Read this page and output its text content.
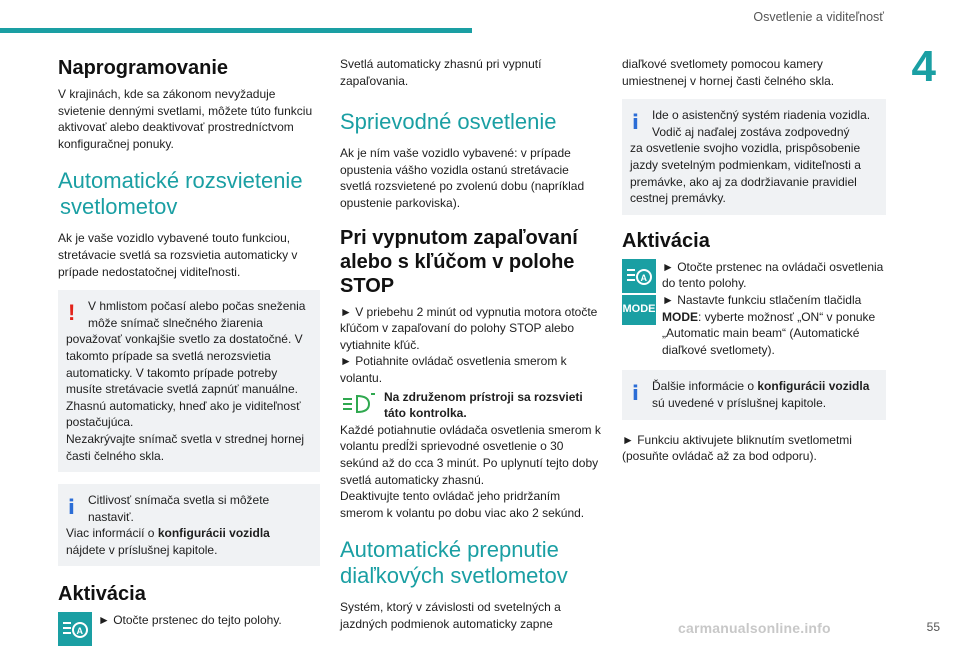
Osvetlenie a viditeľnosť
4
Naprogramovanie

V krajinách, kde sa zákonom nevyžaduje svietenie dennými svetlami, môžete túto funkciu aktivovať alebo deaktivovať prostredníctvom konfiguračnej ponuky.

Automatické rozsvietenie
svetlometov

Ak je vaše vozidlo vybavené touto funkciou, stretávacie svetlá sa rozsvietia automaticky v prípade nedostatočnej viditeľnosti.

!	V hmlistom počasí alebo počas sneženia
môže snímač slnečného žiarenia
považovať vonkajšie svetlo za dostatočné. V takomto prípade sa svetlá nerozsvietia automaticky. V takomto prípade potreby musíte stretávacie svetlá zapnúť manuálne.
Zhasnú automaticky, hneď ako je viditeľnosť postačujúca.
Nezakrývajte snímač svetla v strednej hornej časti čelného skla.
i	Citlivosť snímača svetla si môžete
nastaviť.
Viac informácií o konfigurácii vozidla
nájdete v príslušnej kapitole.
Aktivácia
A
► Otočte prstenec do tejto polohy.

Svetlá automaticky zhasnú pri vypnutí zapaľovania.

Sprievodné osvetlenie

Ak je ním vaše vozidlo vybavené: v prípade opustenia vášho vozidla ostanú stretávacie svetlá rozsvietené po zvolenú dobu (napríklad opustenie parkoviska).

Pri vypnutom zapaľovaní alebo s kľúčom v polohe STOP

► V priebehu 2 minút od vypnutia motora otočte kľúčom v zapaľovaní do polohy STOP alebo vytiahnite kľúč.

► Potiahnite ovládač osvetlenia smerom k volantu.

Na združenom prístroji sa rozsvieti
táto kontrolka.

Každé potiahnutie ovládača osvetlenia smerom k volantu predĺži sprievodné osvetlenie o 30 sekúnd až do cca 3 minút. Po uplynutí tejto doby svetlá automaticky zhasnú.

Deaktivujte tento ovládač jeho pridržaním smerom k volantu po dobu viac ako 2 sekúnd.

Automatické prepnutie
diaľkových svetlometov

Systém, ktorý v závislosti od svetelných a jazdných podmienok automaticky zapne

diaľkové svetlomety pomocou kamery umiestnenej v hornej časti čelného skla.

i	Ide o asistenčný systém riadenia vozidla.
Vodič aj naďalej zostáva zodpovedný
za osvetlenie svojho vozidla, prispôsobenie jazdy svetelným podmienkam, viditeľnosti a premávke, ako aj za dodržiavanie pravidiel cestnej premávky.
Aktivácia
A
MODE
► Otočte prstenec na ovládači osvetlenia do tento polohy.
► Nastavte funkciu stlačením tlačidla MODE: vyberte možnosť „ON“ v ponuke „Automatic main beam“ (Automatické diaľkové svetlomety).
i	Ďalšie informácie o konfigurácii vozidla
sú uvedené v príslušnej kapitole.

► Funkciu aktivujete bliknutím svetlometmi (posuňte ovládač až za bod odporu).

carmanualsonline.info	55
